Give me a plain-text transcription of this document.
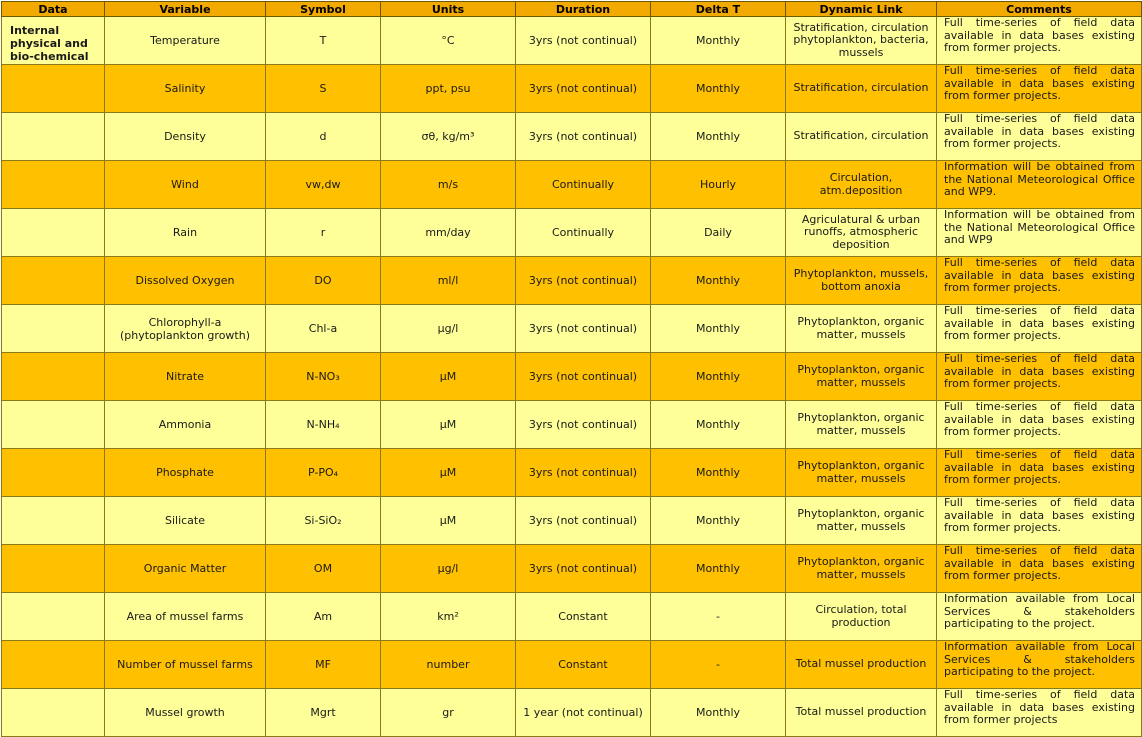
Data	Variable	Symbol	Units	Duration	Delta T	Dynamic Link	Comments
Internal physical and bio-chemical	Temperature	T	°C	3yrs (not continual)	Monthly	Stratification, circulation phytoplankton, bacteria, mussels	Full time-series of field data available in data bases existing from former projects.
	Salinity	S	ppt, psu	3yrs (not continual)	Monthly	Stratification, circulation	Full time-series of field data available in data bases existing from former projects.
	Density	d	σθ, kg/m³	3yrs (not continual)	Monthly	Stratification, circulation	Full time-series of field data available in data bases existing from former projects.
	Wind	vw,dw	m/s	Continually	Hourly	Circulation, atm.deposition	Information will be obtained from the National Meteorological Office and WP9.
	Rain	r	mm/day	Continually	Daily	Agriculatural & urban runoffs, atmospheric deposition	Information will be obtained from the National Meteorological Office and WP9
	Dissolved Oxygen	DO	ml/l	3yrs (not continual)	Monthly	Phytoplankton, mussels, bottom anoxia	Full time-series of field data available in data bases existing from former projects.
	Chlorophyll-a (phytoplankton growth)	Chl-a	μg/l	3yrs (not continual)	Monthly	Phytoplankton, organic matter, mussels	Full time-series of field data available in data bases existing from former projects.
	Nitrate	N-NO₃	μM	3yrs (not continual)	Monthly	Phytoplankton, organic matter, mussels	Full time-series of field data available in data bases existing from former projects.
	Ammonia	N-NH₄	μM	3yrs (not continual)	Monthly	Phytoplankton, organic matter, mussels	Full time-series of field data available in data bases existing from former projects.
	Phosphate	P-PO₄	μM	3yrs (not continual)	Monthly	Phytoplankton, organic matter, mussels	Full time-series of field data available in data bases existing from former projects.
	Silicate	Si-SiO₂	μM	3yrs (not continual)	Monthly	Phytoplankton, organic matter, mussels	Full time-series of field data available in data bases existing from former projects.
	Organic Matter	OM	μg/l	3yrs (not continual)	Monthly	Phytoplankton, organic matter, mussels	Full time-series of field data available in data bases existing from former projects.
	Area of mussel farms	Am	km²	Constant	-	Circulation, total production	Information available from Local Services & stakeholders participating to the project.
	Number of mussel farms	MF	number	Constant	-	Total mussel production	Information available from Local Services & stakeholders participating to the project.
	Mussel growth	Mgrt	gr	1 year (not continual)	Monthly	Total mussel production	Full time-series of field data available in data bases existing from former projects
